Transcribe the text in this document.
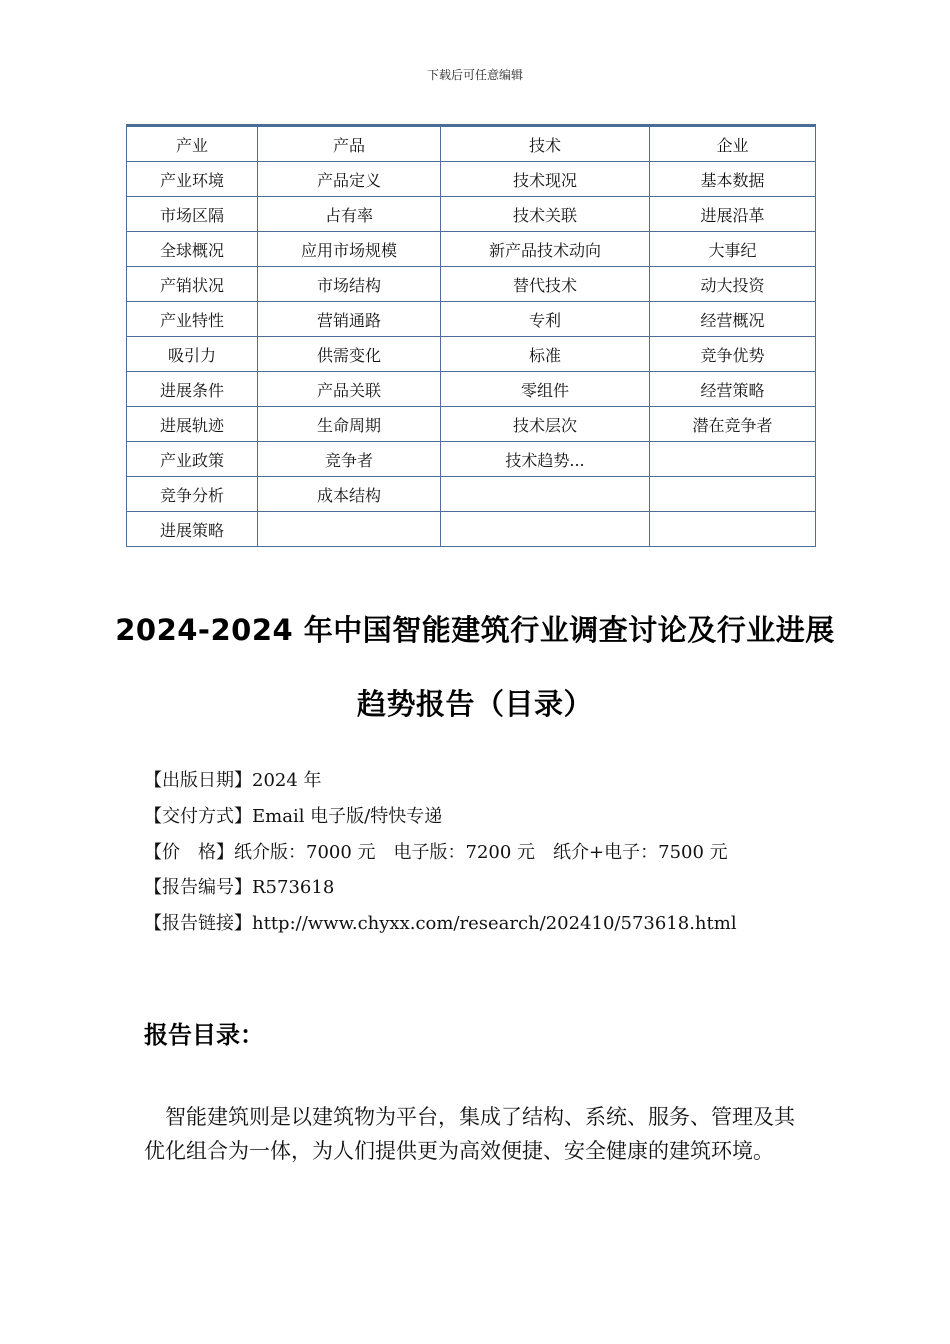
下载后可任意编辑
产业	产品	技术	企业
产业环境	产品定义	技术现况	基本数据
市场区隔	占有率	技术关联	进展沿革
全球概况	应用市场规模	新产品技术动向	大事纪
产销状况	市场结构	替代技术	动大投资
产业特性	营销通路	专利	经营概况
吸引力	供需变化	标准	竞争优势
进展条件	产品关联	零组件	经营策略
进展轨迹	生命周期	技术层次	潜在竞争者
产业政策	竞争者	技术趋势...	
竞争分析	成本结构		
进展策略			
2024-2024 年中国智能建筑行业调查讨论及行业进展
趋势报告（目录）
【出版日期】2024 年
【交付方式】Email 电子版/特快专递
【价　格】纸介版：7000 元　电子版：7200 元　纸介+电子：7500 元
【报告编号】R573618
【报告链接】http://www.chyxx.com/research/202410/573618.html
报告目录：
智能建筑则是以建筑物为平台，集成了结构、系统、服务、管理及其优化组合为一体，为人们提供更为高效便捷、安全健康的建筑环境。
